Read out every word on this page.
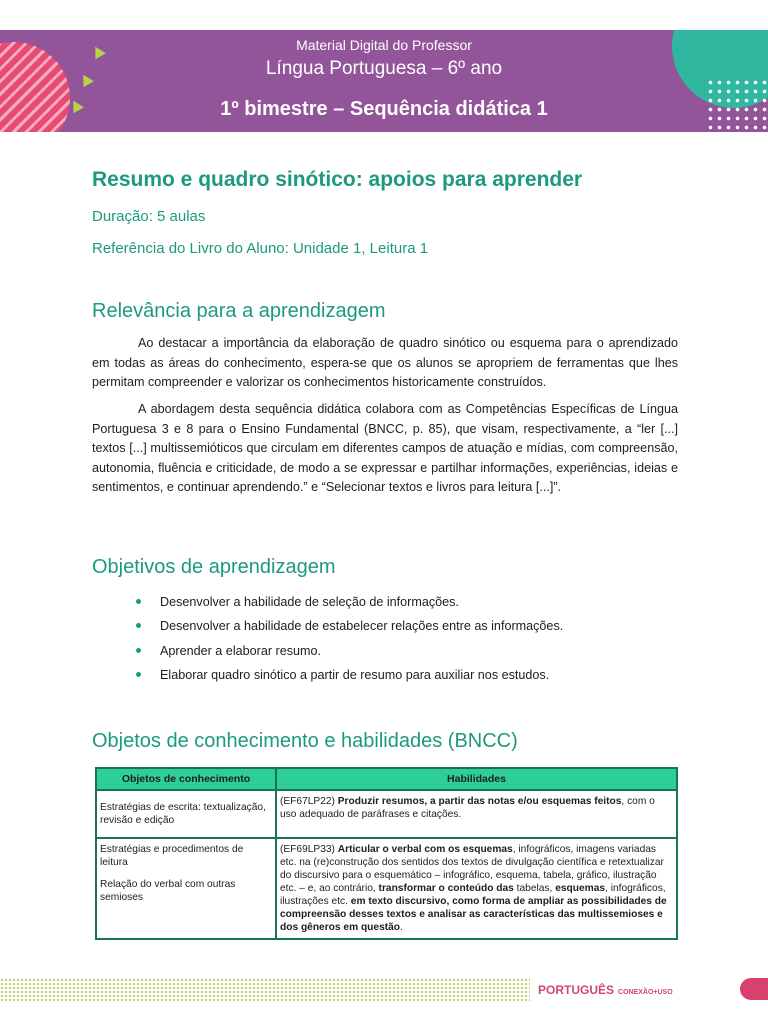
Material Digital do Professor
Língua Portuguesa – 6º ano
1º bimestre – Sequência didática 1
Resumo e quadro sinótico: apoios para aprender
Duração: 5 aulas
Referência do Livro do Aluno: Unidade 1, Leitura 1
Relevância para a aprendizagem

Ao destacar a importância da elaboração de quadro sinótico ou esquema para o aprendizado em todas as áreas do conhecimento, espera-se que os alunos se apropriem de ferramentas que lhes permitam compreender e valorizar os conhecimentos historicamente construídos.

A abordagem desta sequência didática colabora com as Competências Específicas de Língua Portuguesa 3 e 8 para o Ensino Fundamental (BNCC, p. 85), que visam, respectivamente, a “ler [...] textos [...] multissemióticos que circulam em diferentes campos de atuação e mídias, com compreensão, autonomia, fluência e criticidade, de modo a se expressar e partilhar informações, experiências, ideias e sentimentos, e continuar aprendendo.” e “Selecionar textos e livros para leitura [...]”.

Objetivos de aprendizagem
Desenvolver a habilidade de seleção de informações.
Desenvolver a habilidade de estabelecer relações entre as informações.
Aprender a elaborar resumo.
Elaborar quadro sinótico a partir de resumo para auxiliar nos estudos.
Objetos de conhecimento e habilidades (BNCC)
Objetos de conhecimento	Habilidades
Estratégias de escrita: textualização, revisão e edição	(EF67LP22) Produzir resumos, a partir das notas e/ou esquemas feitos, com o uso adequado de paráfrases e citações.

Estratégias e procedimentos de leitura

Relação do verbal com outras semioses	(EF69LP33) Articular o verbal com os esquemas, infográficos, imagens variadas etc. na (re)construção dos sentidos dos textos de divulgação científica e retextualizar do discursivo para o esquemático – infográfico, esquema, tabela, gráfico, ilustração etc. – e, ao contrário, transformar o conteúdo das tabelas, esquemas, infográficos, ilustrações etc. em texto discursivo, como forma de ampliar as possibilidades de compreensão desses textos e analisar as características das multissemioses e dos gêneros em questão.
PORTUGUÊS CONEXÃO+USO
